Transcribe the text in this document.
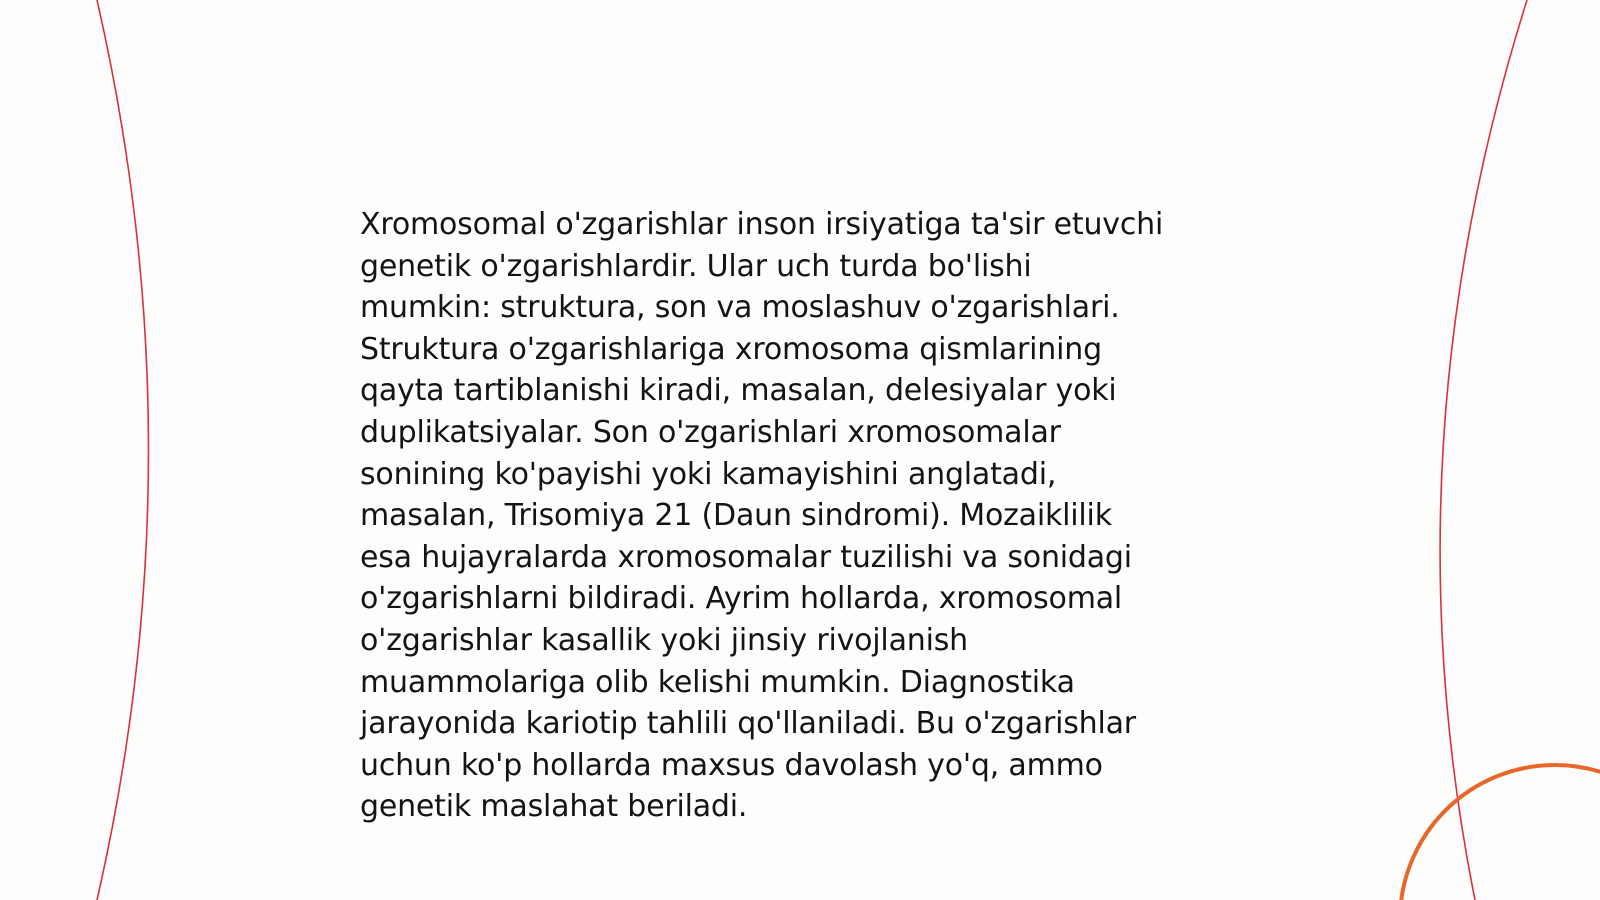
Xromosomal o'zgarishlar inson irsiyatiga ta'sir etuvchi
genetik o'zgarishlardir. Ular uch turda bo'lishi
mumkin: struktura, son va moslashuv o'zgarishlari.
Struktura o'zgarishlariga xromosoma qismlarining
qayta tartiblanishi kiradi, masalan, delesiyalar yoki
duplikatsiyalar. Son o'zgarishlari xromosomalar
sonining ko'payishi yoki kamayishini anglatadi,
masalan, Trisomiya 21 (Daun sindromi). Mozaiklilik
esa hujayralarda xromosomalar tuzilishi va sonidagi
o'zgarishlarni bildiradi. Ayrim hollarda, xromosomal
o'zgarishlar kasallik yoki jinsiy rivojlanish
muammolariga olib kelishi mumkin. Diagnostika
jarayonida kariotip tahlili qo'llaniladi. Bu o'zgarishlar
uchun ko'p hollarda maxsus davolash yo'q, ammo
genetik maslahat beriladi.
